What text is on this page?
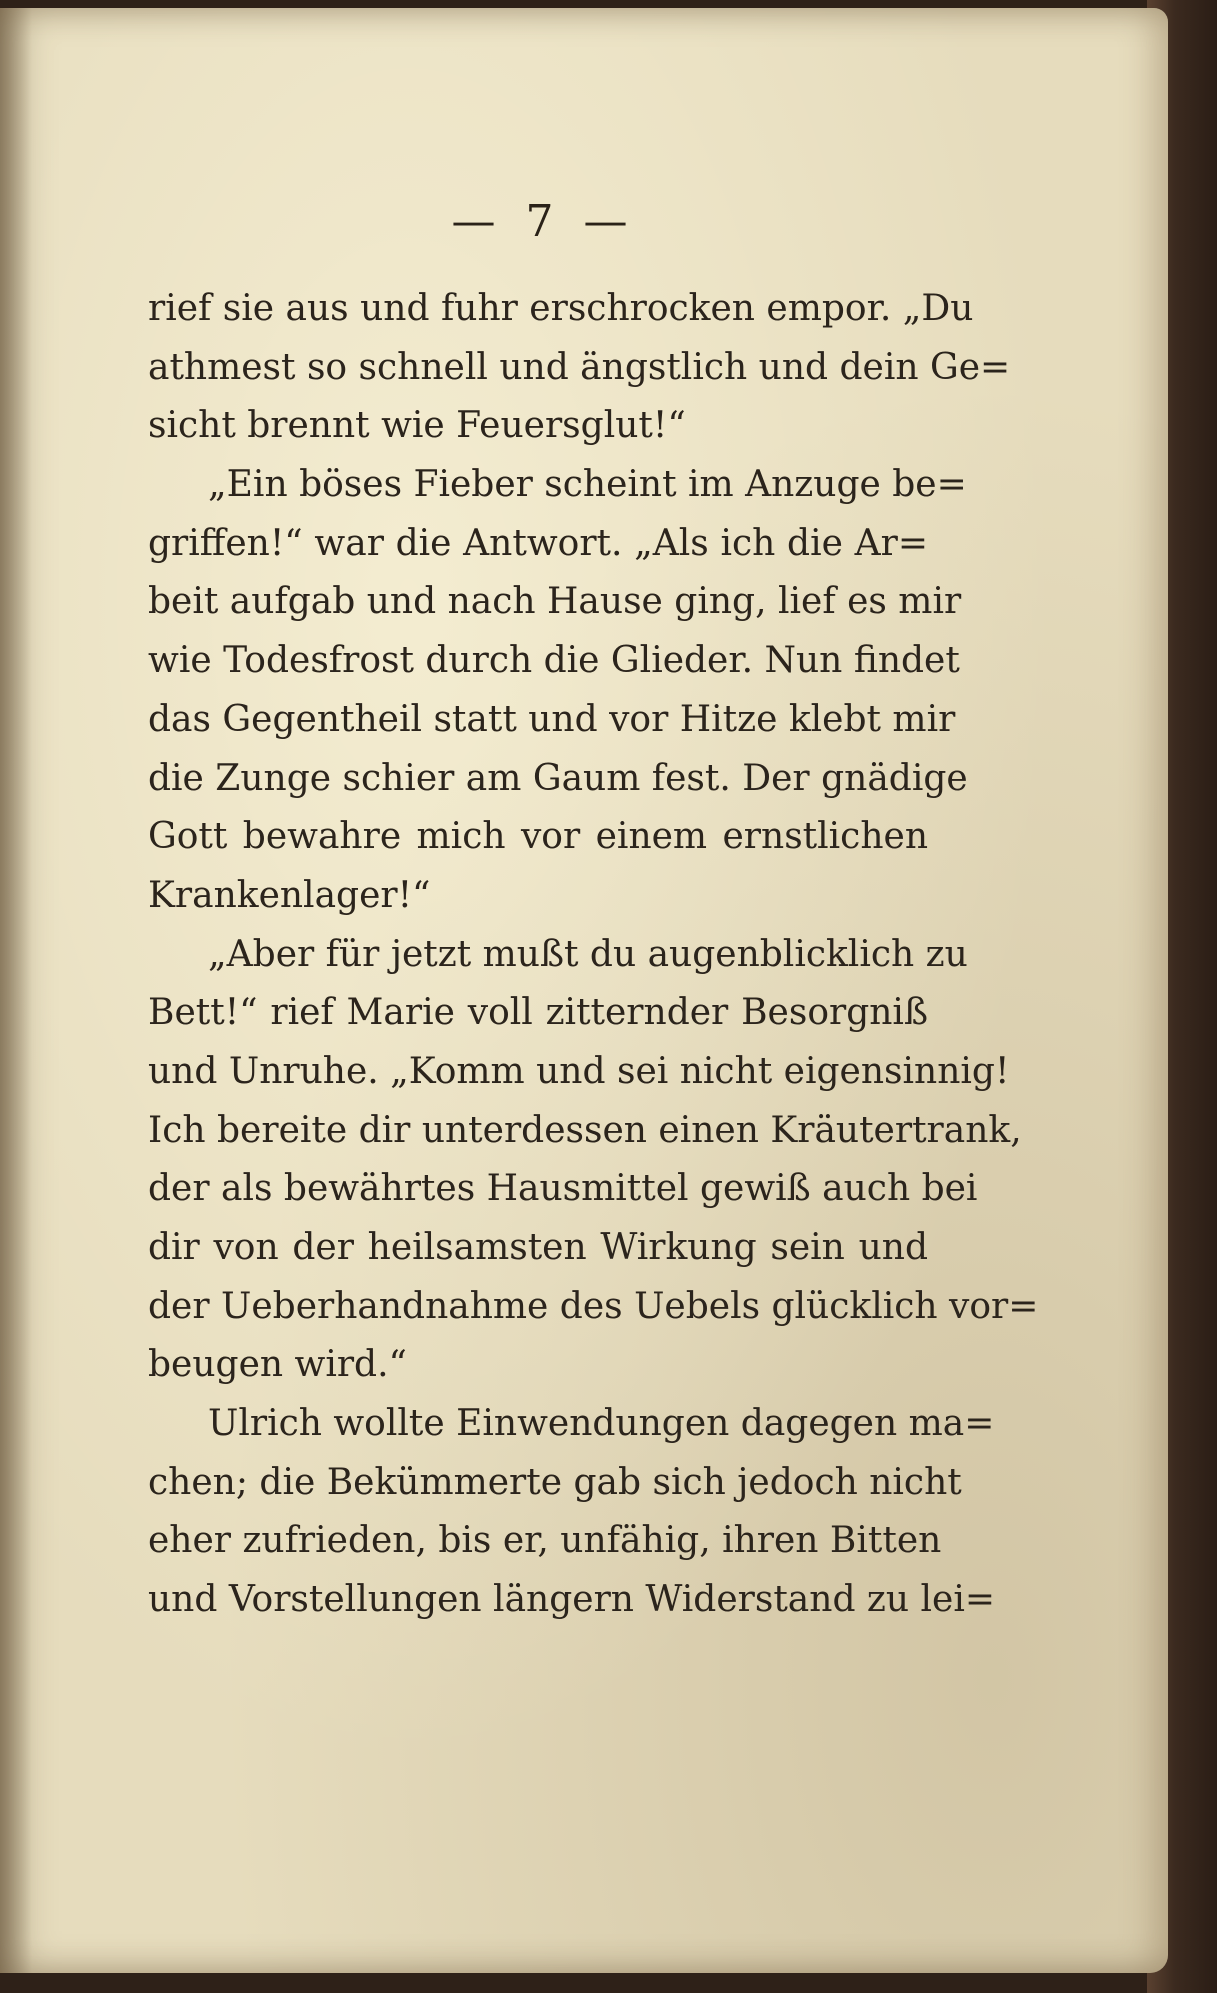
— 7 —
rief sie aus und fuhr erschrocken empor. „Du
athmest so schnell und ängstlich und dein Ge=
sicht brennt wie Feuersglut!“
„Ein böses Fieber scheint im Anzuge be=
griffen!“ war die Antwort. „Als ich die Ar=
beit aufgab und nach Hause ging, lief es mir
wie Todesfrost durch die Glieder. Nun findet
das Gegentheil statt und vor Hitze klebt mir
die Zunge schier am Gaum fest. Der gnädige
Gott bewahre mich vor einem ernstlichen
Krankenlager!“
„Aber für jetzt mußt du augenblicklich zu
Bett!“ rief Marie voll zitternder Besorgniß
und Unruhe. „Komm und sei nicht eigensinnig!
Ich bereite dir unterdessen einen Kräutertrank,
der als bewährtes Hausmittel gewiß auch bei
dir von der heilsamsten Wirkung sein und
der Ueberhandnahme des Uebels glücklich vor=
beugen wird.“
Ulrich wollte Einwendungen dagegen ma=
chen; die Bekümmerte gab sich jedoch nicht
eher zufrieden, bis er, unfähig, ihren Bitten
und Vorstellungen längern Widerstand zu lei=
